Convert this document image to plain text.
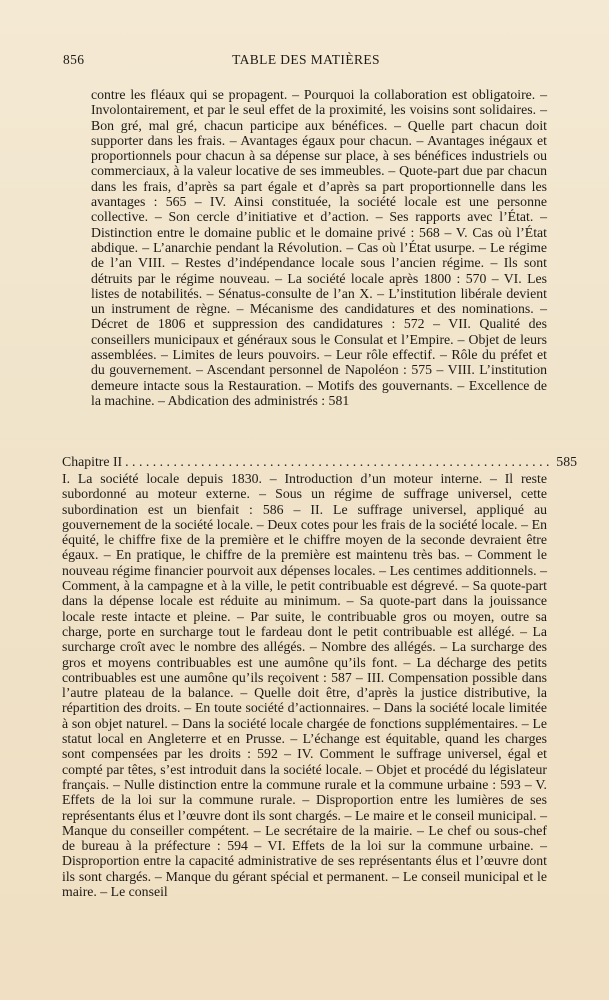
856	TABLE DES MATIÈRES
contre les fléaux qui se propagent. – Pourquoi la collaboration est obligatoire. – Involontairement, et par le seul effet de la proximité, les voisins sont solidaires. – Bon gré, mal gré, chacun participe aux bénéfices. – Quelle part chacun doit supporter dans les frais. – Avantages égaux pour chacun. – Avantages inégaux et proportionnels pour chacun à sa dépense sur place, à ses bénéfices industriels ou commerciaux, à la valeur locative de ses immeubles. – Quote-part due par chacun dans les frais, d’après sa part égale et d’après sa part proportionnelle dans les avantages : 565 – IV. Ainsi constituée, la société locale est une personne collective. – Son cercle d’initiative et d’action. – Ses rapports avec l’État. – Distinction entre le domaine public et le domaine privé : 568 – V. Cas où l’État abdique. – L’anarchie pendant la Révolution. – Cas où l’État usurpe. – Le régime de l’an VIII. – Restes d’indépendance locale sous l’ancien régime. – Ils sont détruits par le régime nouveau. – La société locale après 1800 : 570 – VI. Les listes de notabilités. – Sénatus-consulte de l’an X. – L’institution libérale devient un instrument de règne. – Mécanisme des candidatures et des nominations. – Décret de 1806 et suppression des candidatures : 572 – VII. Qualité des conseillers municipaux et généraux sous le Consulat et l’Empire. – Objet de leurs assemblées. – Limites de leurs pouvoirs. – Leur rôle effectif. – Rôle du préfet et du gouvernement. – Ascendant personnel de Napoléon : 575 – VIII. L’institution demeure intacte sous la Restauration. – Motifs des gouvernants. – Excellence de la machine. – Abdication des administrés : 581
Chapitre II
. . .	585
I. La société locale depuis 1830. – Introduction d’un moteur interne. – Il reste subordonné au moteur externe. – Sous un régime de suffrage universel, cette subordination est un bienfait : 586 – II. Le suffrage universel, appliqué au gouvernement de la société locale. – Deux cotes pour les frais de la société locale. – En équité, le chiffre fixe de la première et le chiffre moyen de la seconde devraient être égaux. – En pratique, le chiffre de la première est maintenu très bas. – Comment le nouveau régime financier pourvoit aux dépenses locales. – Les centimes additionnels. – Comment, à la campagne et à la ville, le petit contribuable est dégrevé. – Sa quote-part dans la dépense locale est réduite au minimum. – Sa quote-part dans la jouissance locale reste intacte et pleine. – Par suite, le contribuable gros ou moyen, outre sa charge, porte en surcharge tout le fardeau dont le petit contribuable est allégé. – La surcharge croît avec le nombre des allégés. – Nombre des allégés. – La surcharge des gros et moyens contribuables est une aumône qu’ils font. – La décharge des petits contribuables est une aumône qu’ils reçoivent : 587 – III. Compensation possible dans l’autre plateau de la balance. – Quelle doit être, d’après la justice distributive, la répartition des droits. – En toute société d’actionnaires. – Dans la société locale limitée à son objet naturel. – Dans la société locale chargée de fonctions supplémentaires. – Le statut local en Angleterre et en Prusse. – L’échange est équitable, quand les charges sont compensées par les droits : 592 – IV. Comment le suffrage universel, égal et compté par têtes, s’est introduit dans la société locale. – Objet et procédé du législateur français. – Nulle distinction entre la commune rurale et la commune urbaine : 593 – V. Effets de la loi sur la commune rurale. – Disproportion entre les lumières de ses représentants élus et l’œuvre dont ils sont chargés. – Le maire et le conseil municipal. – Manque du conseiller compétent. – Le secrétaire de la mairie. – Le chef ou sous-chef de bureau à la préfecture : 594 – VI. Effets de la loi sur la commune urbaine. – Disproportion entre la capacité administrative de ses représentants élus et l’œuvre dont ils sont chargés. – Manque du gérant spécial et permanent. – Le conseil municipal et le maire. – Le conseil
